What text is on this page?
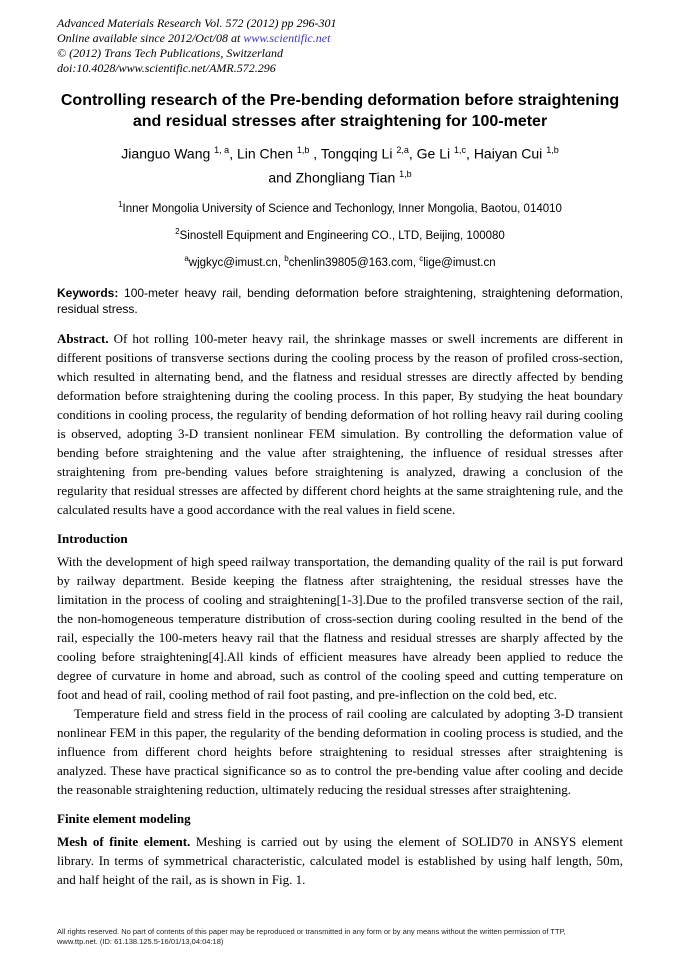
Advanced Materials Research Vol. 572 (2012) pp 296-301
Online available since 2012/Oct/08 at www.scientific.net
© (2012) Trans Tech Publications, Switzerland
doi:10.4028/www.scientific.net/AMR.572.296
Controlling research of the Pre-bending deformation before straightening and residual stresses after straightening for 100-meter
Jianguo Wang $^{1, a}$, Lin Chen $^{1,b}$ , Tongqing Li $^{2,a}$, Ge Li $^{1,c}$, Haiyan Cui $^{1,b}$
and Zhongliang Tian $^{1,b}$
$^1$Inner Mongolia University of Science and Techonlogy, Inner Mongolia, Baotou, 014010
$^2$Sinostell Equipment and Engineering CO., LTD, Beijing, 100080
$^a$wjgkyc@imust.cn, $^b$chenlin39805@163.com, $^c$lige@imust.cn
Keywords: 100-meter heavy rail, bending deformation before straightening, straightening deformation, residual stress.
Abstract. Of hot rolling 100-meter heavy rail, the shrinkage masses or swell increments are different in different positions of transverse sections during the cooling process by the reason of profiled cross-section, which resulted in alternating bend, and the flatness and residual stresses are directly affected by bending deformation before straightening during the cooling process. In this paper, By studying the heat boundary conditions in cooling process, the regularity of bending deformation of hot rolling heavy rail during cooling is observed, adopting 3-D transient nonlinear FEM simulation. By controlling the deformation value of bending before straightening and the value after straightening, the influence of residual stresses after straightening from pre-bending values before straightening is analyzed, drawing a conclusion of the regularity that residual stresses are affected by different chord heights at the same straightening rule, and the calculated results have a good accordance with the real values in field scene.
Introduction
With the development of high speed railway transportation, the demanding quality of the rail is put forward by railway department. Beside keeping the flatness after straightening, the residual stresses have the limitation in the process of cooling and straightening[1-3].Due to the profiled transverse section of the rail, the non-homogeneous temperature distribution of cross-section during cooling resulted in the bend of the rail, especially the 100-meters heavy rail that the flatness and residual stresses are sharply affected by the cooling before straightening[4].All kinds of efficient measures have already been applied to reduce the degree of curvature in home and abroad, such as control of the cooling speed and cutting temperature on foot and head of rail, cooling method of rail foot pasting, and pre-inflection on the cold bed, etc.
Temperature field and stress field in the process of rail cooling are calculated by adopting 3-D transient nonlinear FEM in this paper, the regularity of the bending deformation in cooling process is studied, and the influence from different chord heights before straightening to residual stresses after straightening is analyzed. These have practical significance so as to control the pre-bending value after cooling and decide the reasonable straightening reduction, ultimately reducing the residual stresses after straightening.
Finite element modeling
Mesh of finite element. Meshing is carried out by using the element of SOLID70 in ANSYS element library. In terms of symmetrical characteristic, calculated model is established by using half length, 50m, and half height of the rail, as is shown in Fig. 1.
All rights reserved. No part of contents of this paper may be reproduced or transmitted in any form or by any means without the written permission of TTP,
www.ttp.net. (ID: 61.138.125.5-16/01/13,04:04:18)
